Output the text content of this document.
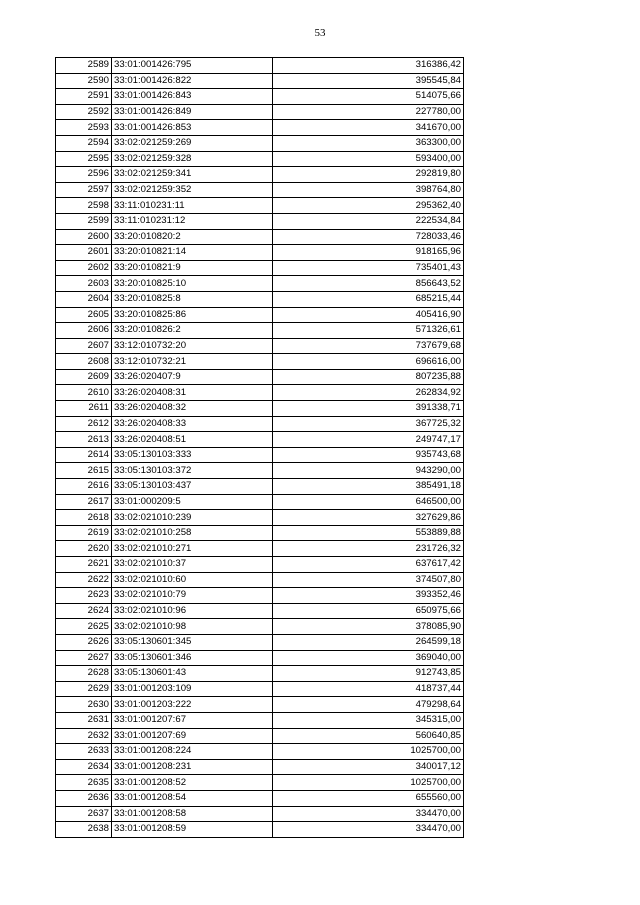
53
2589	33:01:001426:795	316386,42
2590	33:01:001426:822	395545,84
2591	33:01:001426:843	514075,66
2592	33:01:001426:849	227780,00
2593	33:01:001426:853	341670,00
2594	33:02:021259:269	363300,00
2595	33:02:021259:328	593400,00
2596	33:02:021259:341	292819,80
2597	33:02:021259:352	398764,80
2598	33:11:010231:11	295362,40
2599	33:11:010231:12	222534,84
2600	33:20:010820:2	728033,46
2601	33:20:010821:14	918165,96
2602	33:20:010821:9	735401,43
2603	33:20:010825:10	856643,52
2604	33:20:010825:8	685215,44
2605	33:20:010825:86	405416,90
2606	33:20:010826:2	571326,61
2607	33:12:010732:20	737679,68
2608	33:12:010732:21	696616,00
2609	33:26:020407:9	807235,88
2610	33:26:020408:31	262834,92
2611	33:26:020408:32	391338,71
2612	33:26:020408:33	367725,32
2613	33:26:020408:51	249747,17
2614	33:05:130103:333	935743,68
2615	33:05:130103:372	943290,00
2616	33:05:130103:437	385491,18
2617	33:01:000209:5	646500,00
2618	33:02:021010:239	327629,86
2619	33:02:021010:258	553889,88
2620	33:02:021010:271	231726,32
2621	33:02:021010:37	637617,42
2622	33:02:021010:60	374507,80
2623	33:02:021010:79	393352,46
2624	33:02:021010:96	650975,66
2625	33:02:021010:98	378085,90
2626	33:05:130601:345	264599,18
2627	33:05:130601:346	369040,00
2628	33:05:130601:43	912743,85
2629	33:01:001203:109	418737,44
2630	33:01:001203:222	479298,64
2631	33:01:001207:67	345315,00
2632	33:01:001207:69	560640,85
2633	33:01:001208:224	1025700,00
2634	33:01:001208:231	340017,12
2635	33:01:001208:52	1025700,00
2636	33:01:001208:54	655560,00
2637	33:01:001208:58	334470,00
2638	33:01:001208:59	334470,00
